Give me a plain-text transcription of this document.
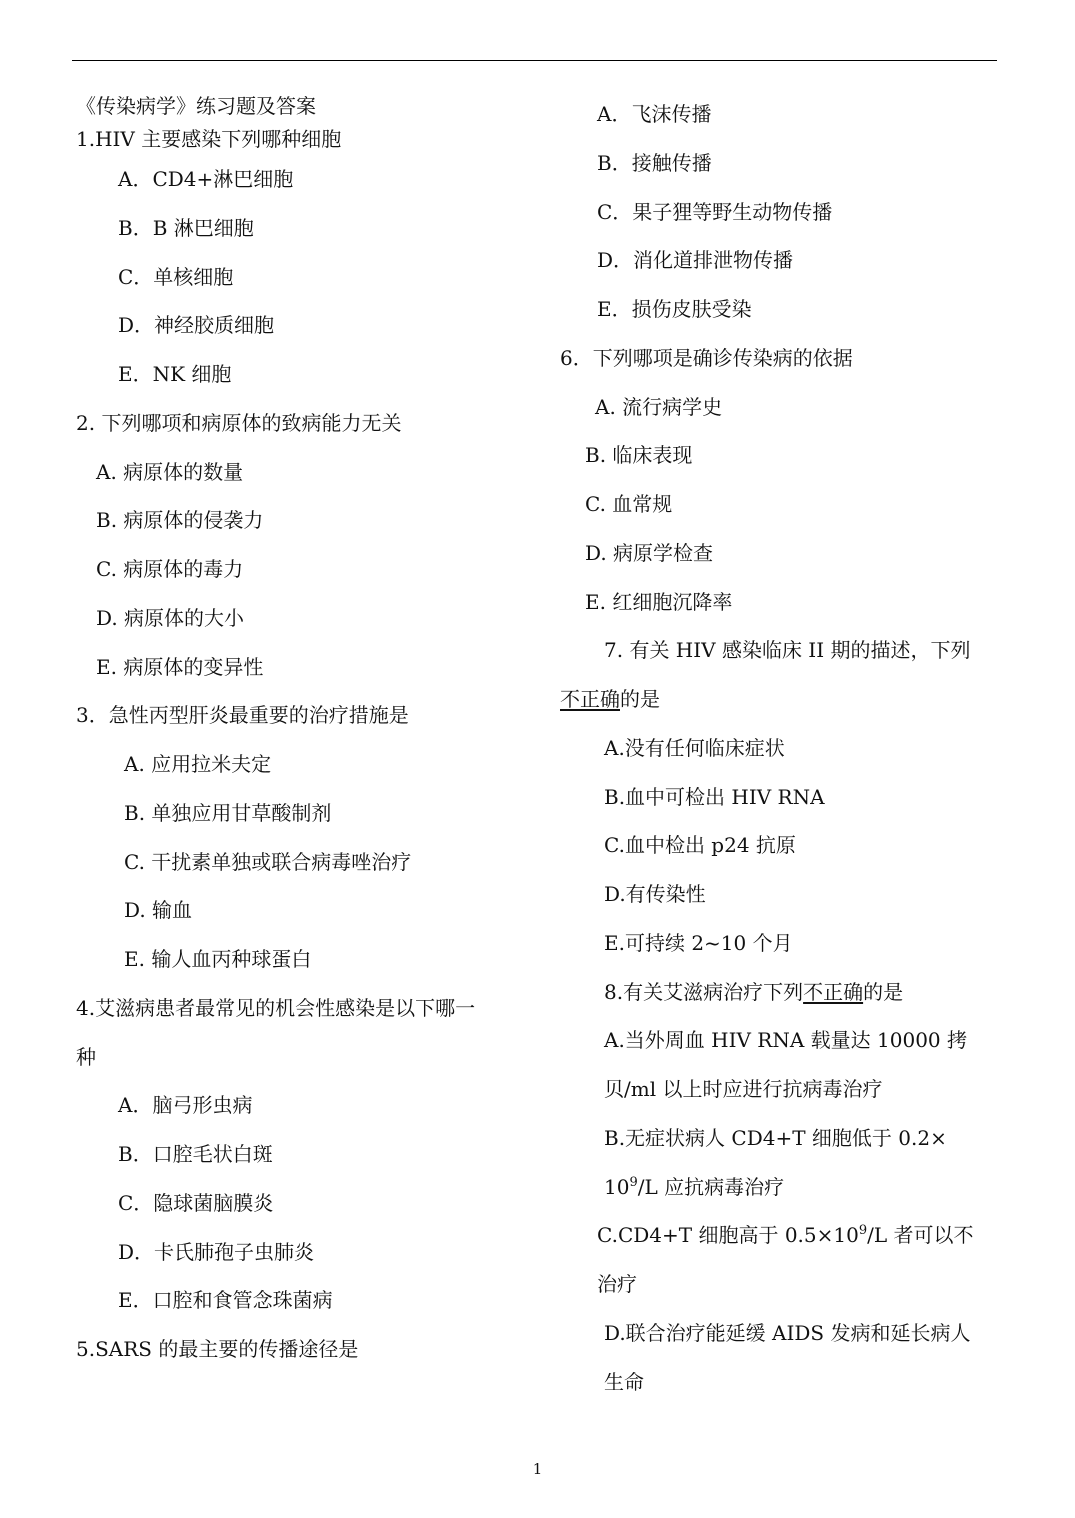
《传染病学》练习题及答案
1.HIV 主要感染下列哪种细胞
A．CD4+淋巴细胞
B．B 淋巴细胞
C．单核细胞
D．神经胶质细胞
E．NK 细胞
2. 下列哪项和病原体的致病能力无关
A. 病原体的数量
B. 病原体的侵袭力
C. 病原体的毒力
D. 病原体的大小
E. 病原体的变异性
3．急性丙型肝炎最重要的治疗措施是
A. 应用拉米夫定
B. 单独应用甘草酸制剂
C. 干扰素单独或联合病毒唑治疗
D. 输血
E. 输人血丙种球蛋白
4.艾滋病患者最常见的机会性感染是以下哪一
种
A．脑弓形虫病
B．口腔毛状白斑
C．隐球菌脑膜炎
D．卡氏肺孢子虫肺炎
E．口腔和食管念珠菌病
5.SARS 的最主要的传播途径是
A．飞沫传播
B．接触传播
C．果子狸等野生动物传播
D．消化道排泄物传播
E．损伤皮肤受染
6．下列哪项是确诊传染病的依据
A. 流行病学史
B. 临床表现
C. 血常规
D. 病原学检查
E. 红细胞沉降率
7. 有关 HIV 感染临床 II 期的描述，下列
不正确的是
A.没有任何临床症状
B.血中可检出 HIV RNA
C.血中检出 p24 抗原
D.有传染性
E.可持续 2~10 个月
8.有关艾滋病治疗下列不正确的是
A.当外周血 HIV RNA 载量达 10000 拷
贝/ml 以上时应进行抗病毒治疗
B.无症状病人 CD4+T 细胞低于 0.2×
$10^9/L$ 应抗病毒治疗
C.CD4+T 细胞高于 $0.5\times 10^9/L$ 者可以不
治疗
D.联合治疗能延缓 AIDS 发病和延长病人
生命
1
